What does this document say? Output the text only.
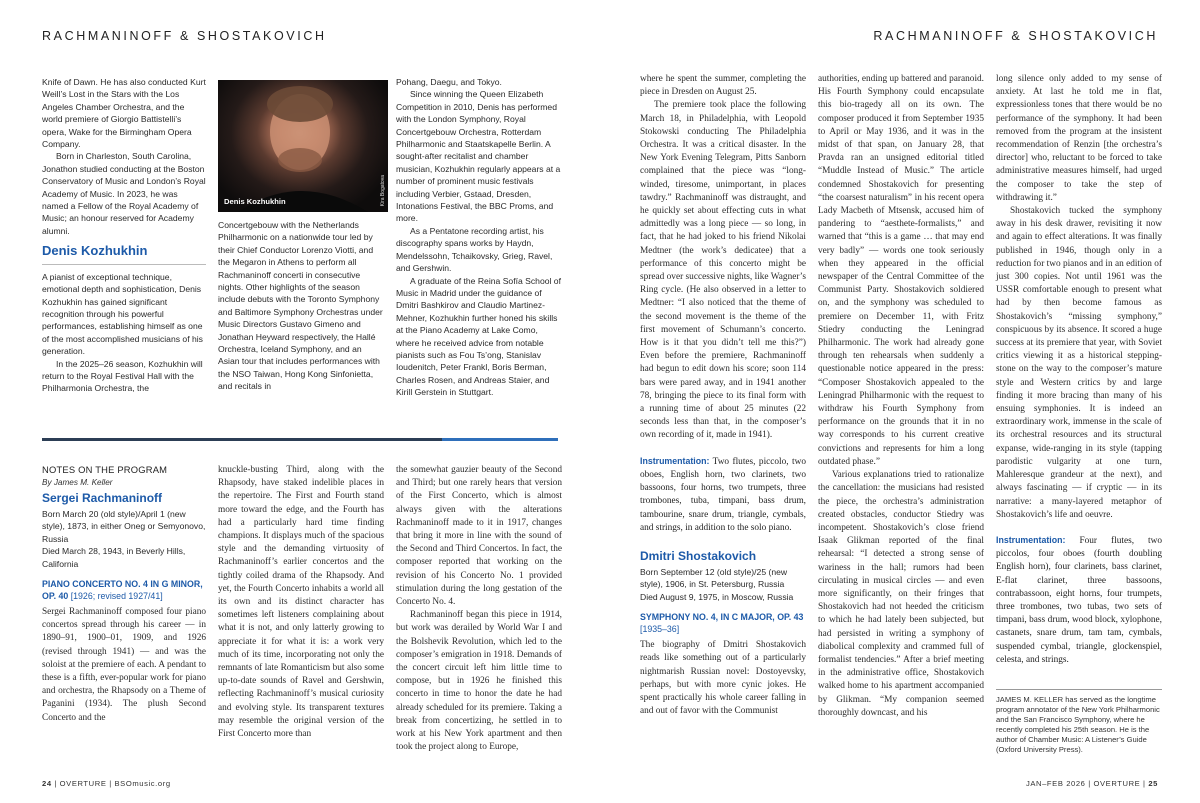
RACHMANINOFF & SHOSTAKOVICH

Knife of Dawn. He has also conducted Kurt Weill’s Lost in the Stars with the Los Angeles Chamber Orchestra, and the world premiere of Giorgio Battistelli’s opera, Wake for the Birmingham Opera Company.

Born in Charleston, South Carolina, Jonathon studied conducting at the Boston Conservatory of Music and London’s Royal Academy of Music. In 2023, he was named a Fellow of the Royal Academy of Music; an honour reserved for Academy alumni.

Denis Kozhukhin

A pianist of exceptional technique, emotional depth and sophistication, Denis Kozhukhin has gained significant recognition through his powerful performances, establishing himself as one of the most accomplished musicians of his generation.

In the 2025–26 season, Kozhukhin will return to the Royal Festival Hall with the Philharmonia Orchestra, the

Denis Kozhukhin	Kira Bogatova

Concertgebouw with the Netherlands Philharmonic on a nationwide tour led by their Chief Conductor Lorenzo Viotti, and the Megaron in Athens to perform all Rachmaninoff concerti in consecutive nights. Other highlights of the season include debuts with the Toronto Symphony and Baltimore Symphony Orchestras under Music Directors Gustavo Gimeno and Jonathan Heyward respectively, the Hallé Orchestra, Iceland Symphony, and an Asian tour that includes performances with the NSO Taiwan, Hong Kong Sinfonietta, and recitals in

Pohang, Daegu, and Tokyo.

Since winning the Queen Elizabeth Competition in 2010, Denis has performed with the London Symphony, Royal Concertgebouw Orchestra, Rotterdam Philharmonic and Staatskapelle Berlin. A sought-after recitalist and chamber musician, Kozhukhin regularly appears at a number of prominent music festivals including Verbier, Gstaad, Dresden, Intonations Festival, the BBC Proms, and more.

As a Pentatone recording artist, his discography spans works by Haydn, Mendelssohn, Tchaikovsky, Grieg, Ravel, and Gershwin.

A graduate of the Reina Sofía School of Music in Madrid under the guidance of Dmitri Bashkirov and Claudio Martinez-Mehner, Kozhukhin further honed his skills at the Piano Academy at Lake Como, where he received advice from notable pianists such as Fou Ts’ong, Stanislav Ioudenitch, Peter Frankl, Boris Berman, Charles Rosen, and Andreas Staier, and Kirill Gerstein in Stuttgart.

NOTES ON THE PROGRAM
By James M. Keller
Sergei Rachmaninoff
Born March 20 (old style)/April 1 (new style), 1873, in either Oneg or Semyonovo, Russia
Died March 28, 1943, in Beverly Hills, California
PIANO CONCERTO NO. 4 IN G MINOR, OP. 40 [1926; revised 1927/41]
Sergei Rachmaninoff composed four piano concertos spread through his career — in 1890–91, 1900–01, 1909, and 1926 (revised through 1941) — and was the soloist at the premiere of each. A pendant to these is a fifth, ever-popular work for piano and orchestra, the Rhapsody on a Theme of Paganini (1934). The plush Second Concerto and the

knuckle-busting Third, along with the Rhapsody, have staked indelible places in the repertoire. The First and Fourth stand more toward the edge, and the Fourth has had a particularly hard time finding champions. It displays much of the spacious style and the demanding virtuosity of Rachmaninoff’s earlier concertos and the tightly coiled drama of the Rhapsody. And yet, the Fourth Concerto inhabits a world all its own and its distinct character has sometimes left listeners complaining about what it is not, and only latterly growing to appreciate it for what it is: a work very much of its time, incorporating not only the remnants of late Romanticism but also some up-to-date sounds of Ravel and Gershwin, reflecting Rachmaninoff’s musical curiosity and evolving style. Its transparent textures may resemble the original version of the First Concerto more than

the somewhat gauzier beauty of the Second and Third; but one rarely hears that version of the First Concerto, which is almost always given with the alterations Rachmaninoff made to it in 1917, changes that bring it more in line with the sound of the Second and Third Concertos. In fact, the composer reported that working on the revision of his Concerto No. 1 provided stimulation during the long gestation of the Concerto No. 4.

Rachmaninoff began this piece in 1914, but work was derailed by World War I and the Bolshevik Revolution, which led to the composer’s emigration in 1918. Demands of the concert circuit left him little time to compose, but in 1926 he finished this concerto in time to honor the date he had already scheduled for its premiere. Taking a break from concertizing, he settled in to work at his New York apartment and then took the project along to Europe,

24 | OVERTURE | BSOmusic.org
RACHMANINOFF & SHOSTAKOVICH

where he spent the summer, completing the piece in Dresden on August 25.

The premiere took place the following March 18, in Philadelphia, with Leopold Stokowski conducting The Philadelphia Orchestra. It was a critical disaster. In the New York Evening Telegram, Pitts Sanborn complained that the piece was “long-winded, tiresome, unimportant, in places tawdry.” Rachmaninoff was distraught, and he quickly set about effecting cuts in what admittedly was a long piece — so long, in fact, that he had joked to his friend Nikolai Medtner (the work’s dedicatee) that a performance of this concerto might be spread over successive nights, like Wagner’s Ring cycle. (He also observed in a letter to Medtner: “I also noticed that the theme of the second movement is the theme of the first movement of Schumann’s concerto. How is it that you didn’t tell me this?”) Even before the premiere, Rachmaninoff had begun to edit down his score; soon 114 bars were pared away, and in 1941 another 78, bringing the piece to its final form with a running time of about 25 minutes (22 seconds less than that, in the composer’s own recording of it, made in 1941).

Instrumentation: Two flutes, piccolo, two oboes, English horn, two clarinets, two bassoons, four horns, two trumpets, three trombones, tuba, timpani, bass drum, tambourine, snare drum, triangle, cymbals, and strings, in addition to the solo piano.
Dmitri Shostakovich
Born September 12 (old style)/25 (new style), 1906, in St. Petersburg, Russia
Died August 9, 1975, in Moscow, Russia
SYMPHONY NO. 4, IN C MAJOR, OP. 43 [1935–36]
The biography of Dmitri Shostakovich reads like something out of a particularly nightmarish Russian novel: Dostoyevsky, perhaps, but with more cynic jokes. He spent practically his whole career falling in and out of favor with the Communist

authorities, ending up battered and paranoid. His Fourth Symphony could encapsulate this bio-tragedy all on its own. The composer produced it from September 1935 to April or May 1936, and it was in the midst of that span, on January 28, that Pravda ran an unsigned editorial titled “Muddle Instead of Music.” The article condemned Shostakovich for presenting “the coarsest naturalism” in his recent opera Lady Macbeth of Mtsensk, accused him of pandering to “aesthete-formalists,” and warned that “this is a game … that may end very badly” — words one took seriously when they appeared in the official newspaper of the Central Committee of the Communist Party. Shostakovich soldiered on, and the symphony was scheduled to premiere on December 11, with Fritz Stiedry conducting the Leningrad Philharmonic. The work had already gone through ten rehearsals when suddenly a questionable notice appeared in the press: “Composer Shostakovich appealed to the Leningrad Philharmonic with the request to withdraw his Fourth Symphony from performance on the grounds that it in no way corresponds to his current creative convictions and represents for him a long outdated phase.”

Various explanations tried to rationalize the cancellation: the musicians had resisted the piece, the orchestra’s administration created obstacles, conductor Stiedry was incompetent. Shostakovich’s close friend Isaak Glikman reported of the final rehearsal: “I detected a strong sense of wariness in the hall; rumors had been circulating in musical circles — and even more significantly, on their fringes that Shostakovich had not heeded the criticism to which he had lately been subjected, but had persisted in writing a symphony of diabolical complexity and crammed full of formalist tendencies.” After a brief meeting in the administrative office, Shostakovich walked home to his apartment accompanied by Glikman. “My companion seemed thoroughly downcast, and his

long silence only added to my sense of anxiety. At last he told me in flat, expressionless tones that there would be no performance of the symphony. It had been removed from the program at the insistent recommendation of Renzin [the orchestra’s director] who, reluctant to be forced to take administrative measures himself, had urged the composer to take the step of withdrawing it.”

Shostakovich tucked the symphony away in his desk drawer, revisiting it now and again to effect alterations. It was finally published in 1946, though only in a reduction for two pianos and in an edition of just 300 copies. Not until 1961 was the USSR comfortable enough to present what had by then become famous as Shostakovich’s “missing symphony,” conspicuous by its absence. It scored a huge success at its premiere that year, with Soviet critics viewing it as a historical stepping-stone on the way to the composer’s mature style and Western critics by and large finding it more bracing than many of his ensuing symphonies. It is indeed an extraordinary work, immense in the scale of its orchestral resources and its structural expanse, wide-ranging in its style (tapping parodistic vulgarity at one turn, Mahleresque grandeur at the next), and always fascinating — if cryptic — in its narrative: a many-layered metaphor of Shostakovich’s life and oeuvre.

Instrumentation: Four flutes, two piccolos, four oboes (fourth doubling English horn), four clarinets, bass clarinet, E-flat clarinet, three bassoons, contrabassoon, eight horns, four trumpets, three trombones, two tubas, two sets of timpani, bass drum, wood block, xylophone, castanets, snare drum, tam tam, cymbals, suspended cymbal, triangle, glockenspiel, celesta, and strings.
JAMES M. KELLER has served as the longtime program annotator of the New York Philharmonic and the San Francisco Symphony, where he recently completed his 25th season. He is the author of Chamber Music: A Listener’s Guide (Oxford University Press).
JAN–FEB 2026 | OVERTURE | 25
